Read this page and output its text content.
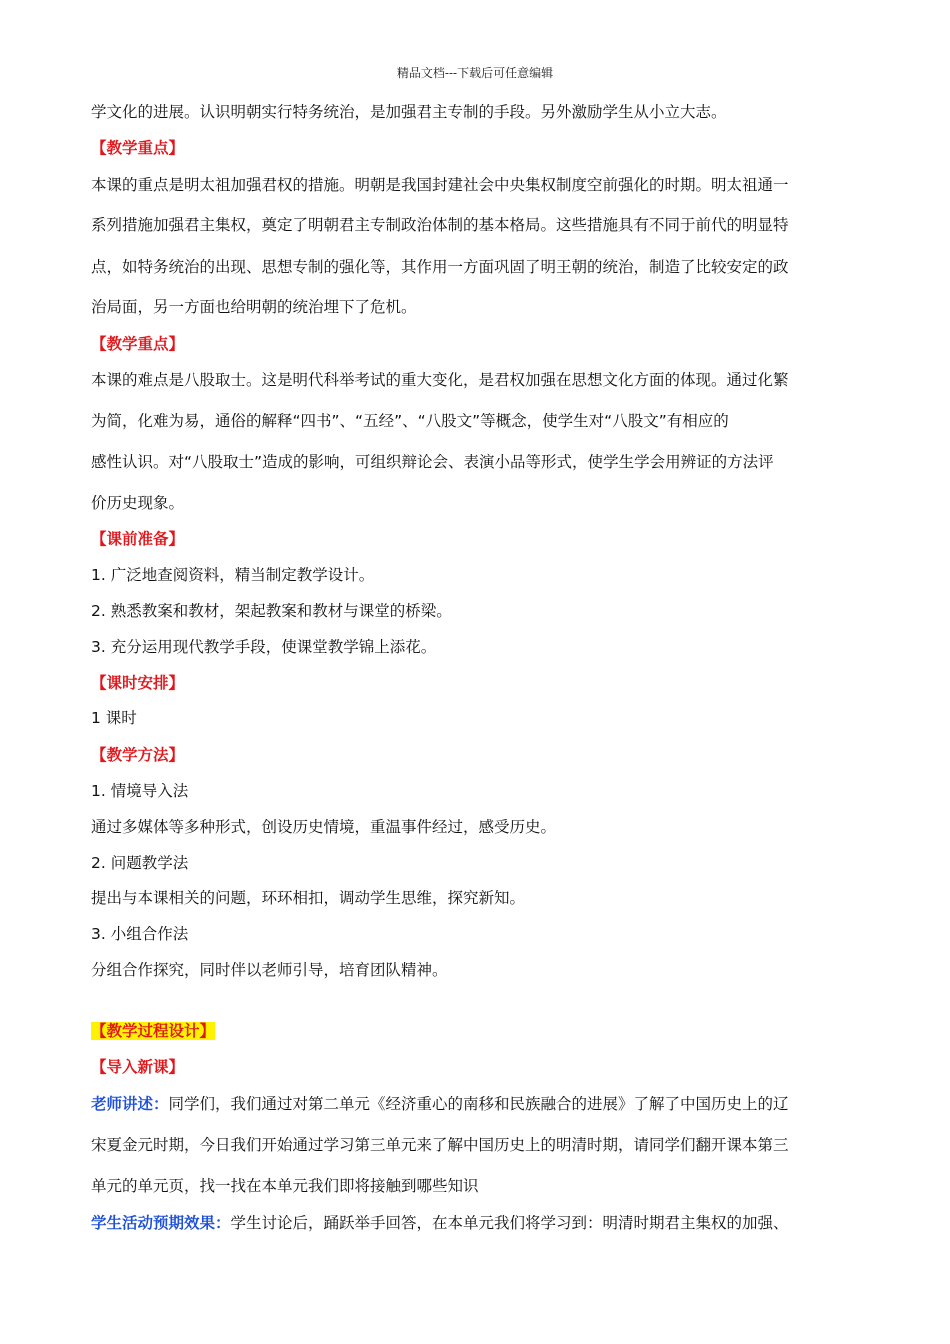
精品文档---下载后可任意编辑
学文化的进展。认识明朝实行特务统治，是加强君主专制的手段。另外激励学生从小立大志。
【教学重点】
本课的重点是明太祖加强君权的措施。明朝是我国封建社会中央集权制度空前强化的时期。明太祖通一
系列措施加强君主集权，奠定了明朝君主专制政治体制的基本格局。这些措施具有不同于前代的明显特
点，如特务统治的出现、思想专制的强化等，其作用一方面巩固了明王朝的统治，制造了比较安定的政
治局面，另一方面也给明朝的统治埋下了危机。
【教学重点】
本课的难点是八股取士。这是明代科举考试的重大变化，是君权加强在思想文化方面的体现。通过化繁
为简，化难为易，通俗的解释“四书”、“五经”、“八股文”等概念，使学生对“八股文”有相应的
感性认识。对“八股取士”造成的影响，可组织辩论会、表演小品等形式，使学生学会用辨证的方法评
价历史现象。
【课前准备】
1. 广泛地查阅资料，精当制定教学设计。
2. 熟悉教案和教材，架起教案和教材与课堂的桥梁。
3. 充分运用现代教学手段，使课堂教学锦上添花。
【课时安排】
1 课时
【教学方法】
1. 情境导入法
通过多媒体等多种形式，创设历史情境，重温事件经过，感受历史。
2. 问题教学法
提出与本课相关的问题，环环相扣，调动学生思维，探究新知。
3. 小组合作法
分组合作探究，同时伴以老师引导，培育团队精神。
【教学过程设计】
【导入新课】
老师讲述：同学们，我们通过对第二单元《经济重心的南移和民族融合的进展》了解了中国历史上的辽
宋夏金元时期，今日我们开始通过学习第三单元来了解中国历史上的明清时期，请同学们翻开课本第三
单元的单元页，找一找在本单元我们即将接触到哪些知识
学生活动预期效果：学生讨论后，踊跃举手回答，在本单元我们将学习到：明清时期君主集权的加强、
